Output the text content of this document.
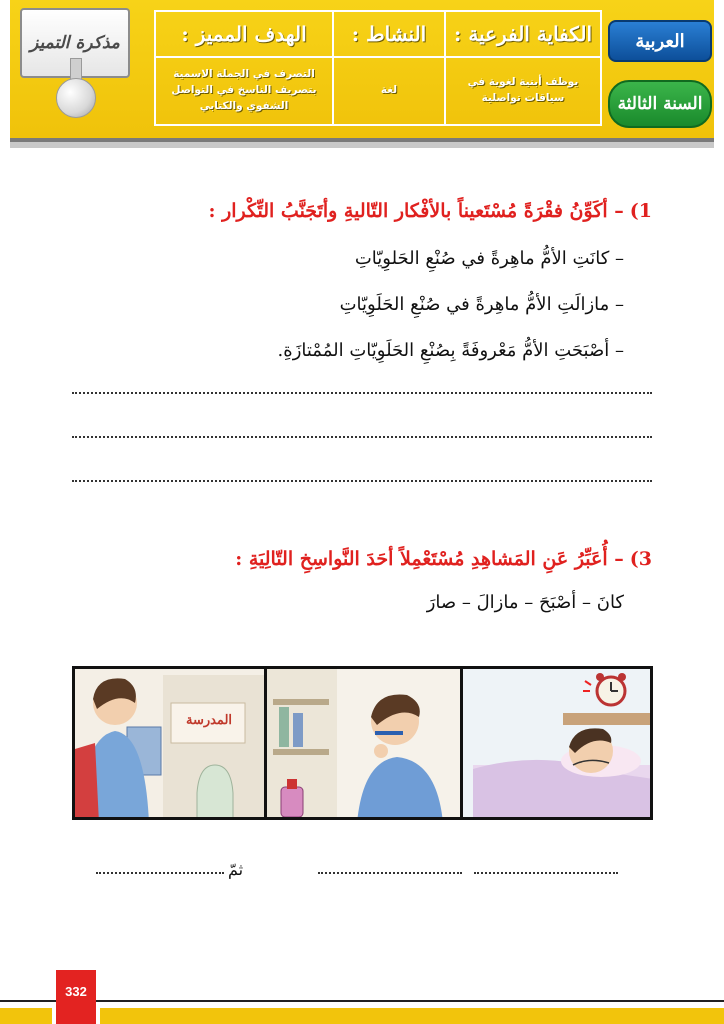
مذكرة التميز	الكفاية الفرعية :
يوظف أبنية لغوية في سياقات تواصلية
النشاط :
لغة
الهدف المميز :
التصرف في الجملة الاسمية بتصريف الناسخ في التواصل الشفوي والكتابي
العربية
السنة الثالثة
1)– أكَوِّنُ فقْرَةً مُسْتَعيناً بالأفْكار التّاليةِ وأتَجَنَّبُ التِّكْرار :
– كانَتِ الأمُّ ماهِرةً في صُنْعِ الحَلوِيّاتِ
– مازالَتِ الأمُّ ماهِرةً في صُنْعِ الحَلَوِيّاتِ
– أصْبَحَتِ الأمُّ مَعْروفَةً بِصُنْعِ الحَلَوِيّاتِ المُمْتازَةِ.
3)– أُعَبِّرُ عَنِ المَشاهِدِ مُسْتَعْمِلاً أحَدَ النَّواسِخِ التّالِيَةِ :
كانَ – أصْبَحَ – مازالَ – صارَ
المدرسة
ثمّ
332
